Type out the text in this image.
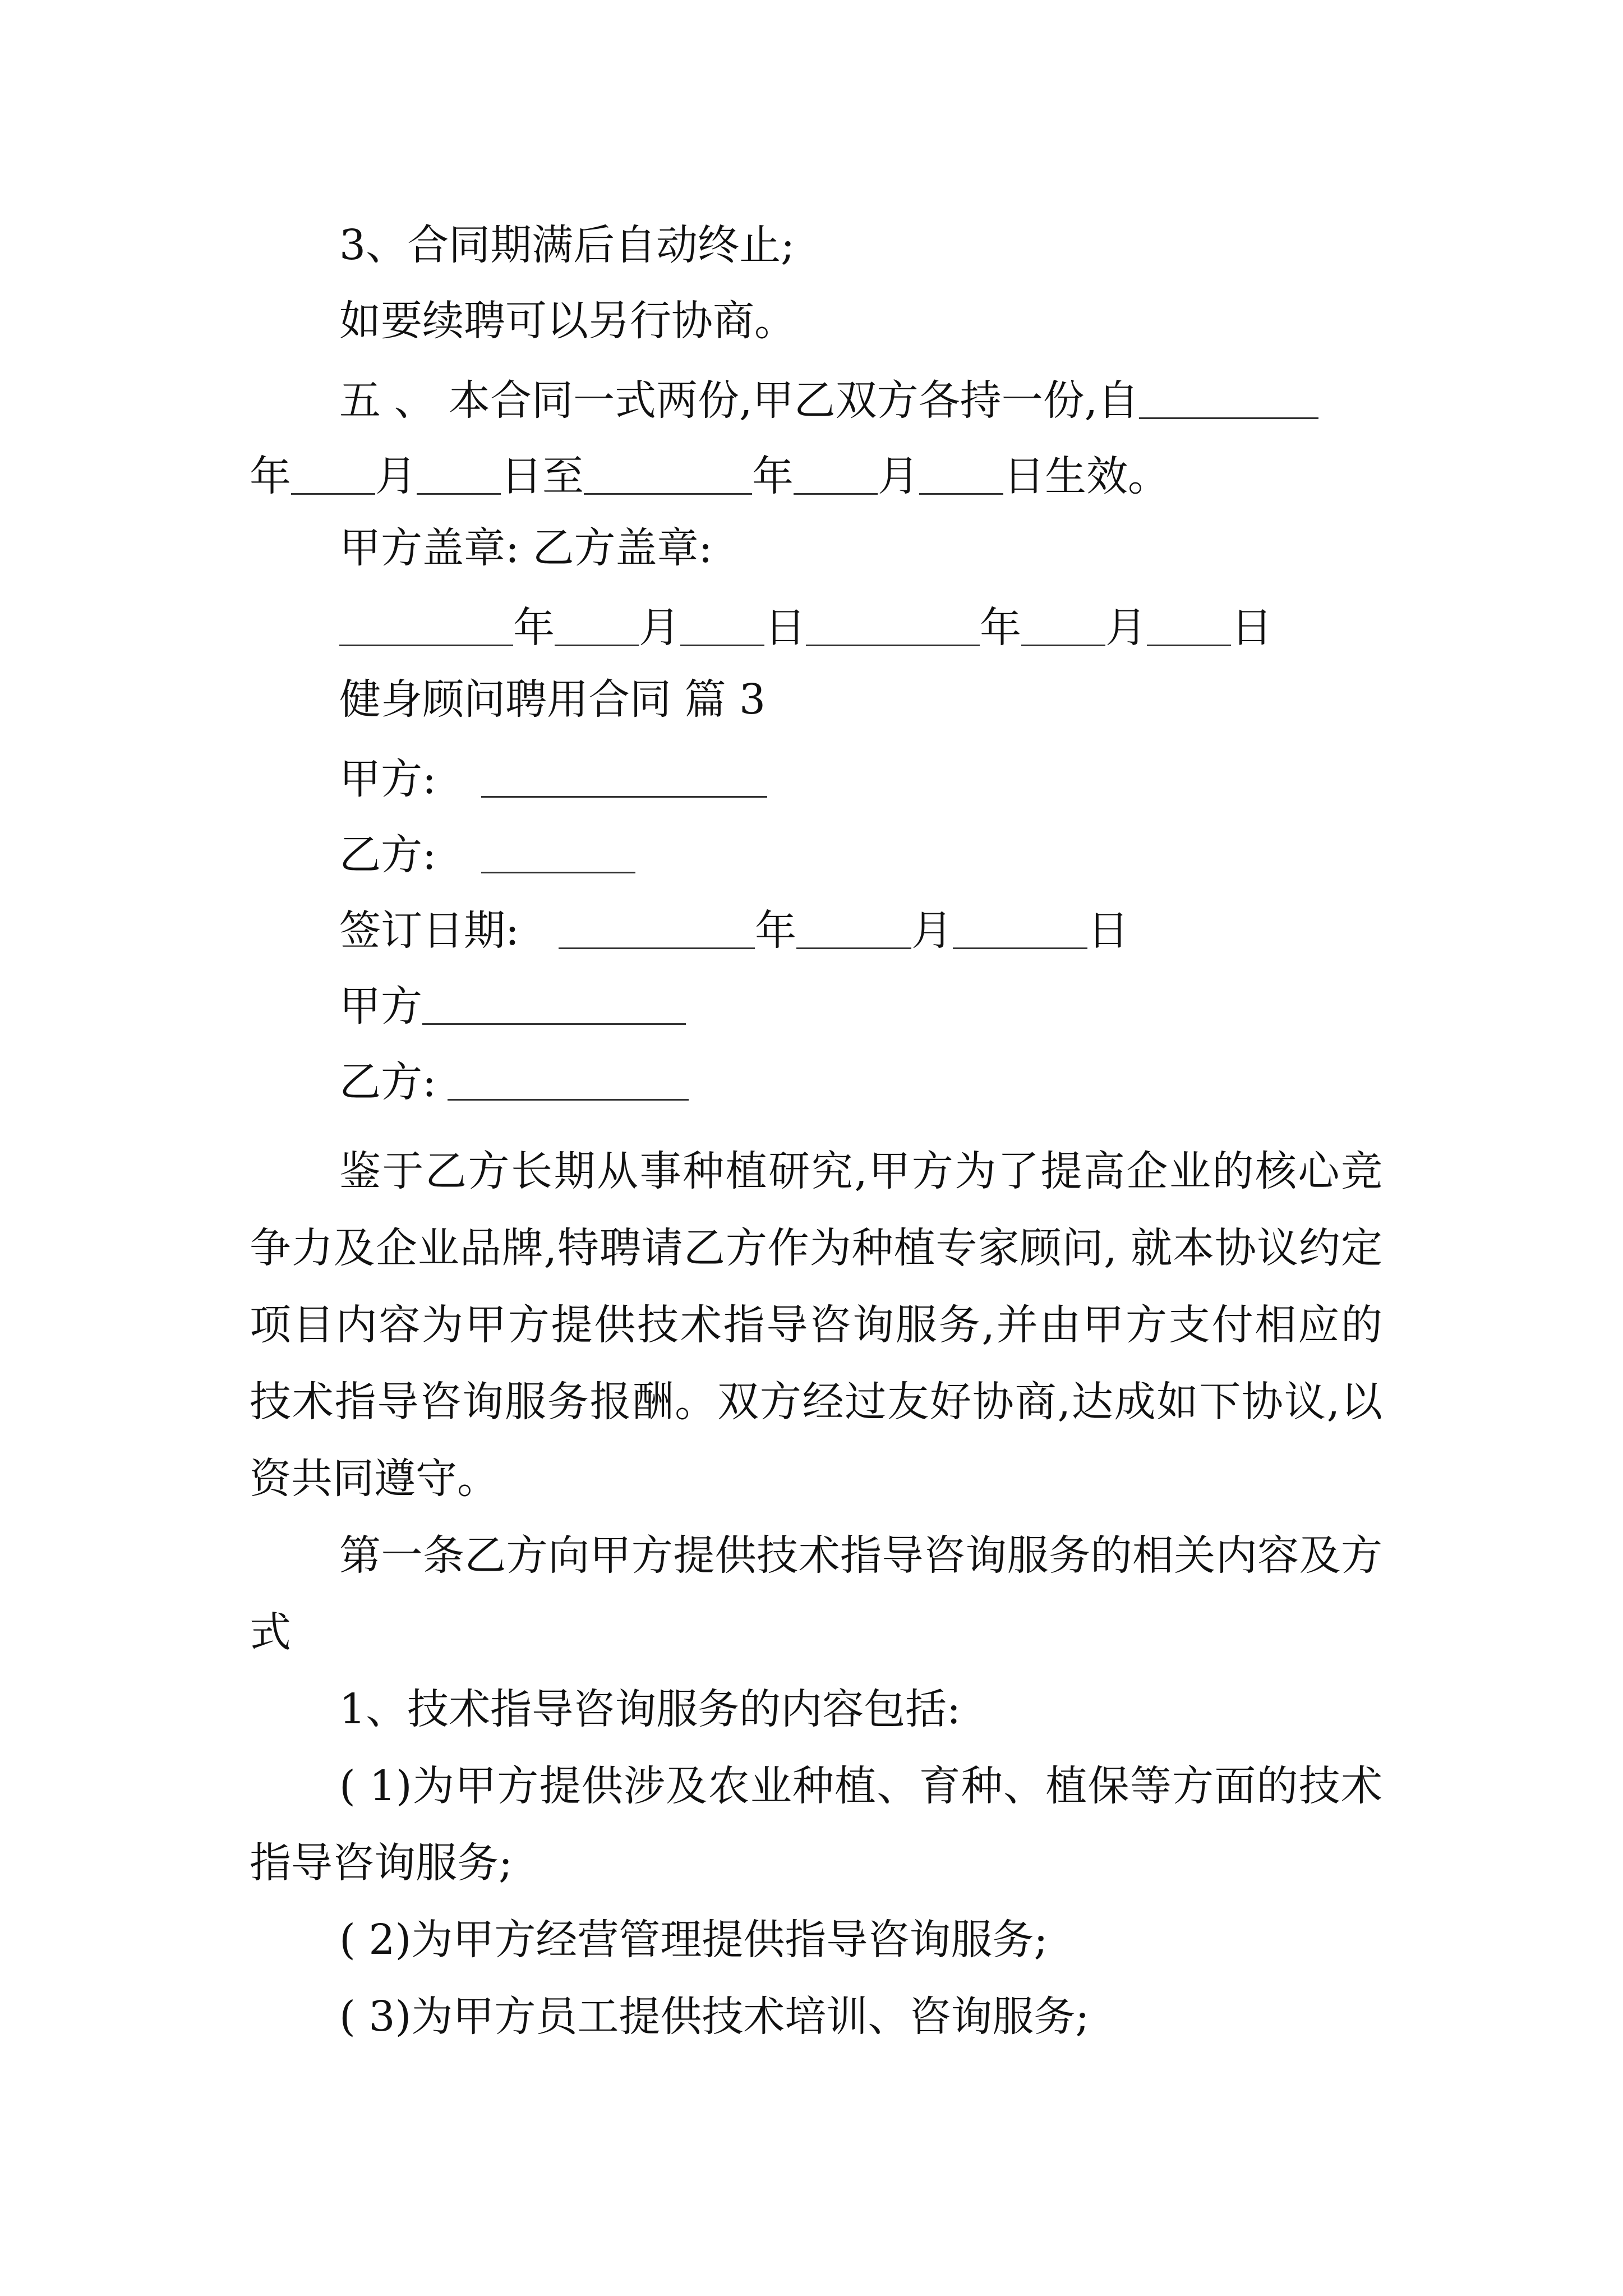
3、合同期满后自动终止;
如要续聘可以另行协商。
五 、 本合同一式两份,甲乙双方各持一份,自
年 月 日至	年 月 日生效。
甲方盖章: 乙方盖章:
年 月 日	年 月 日
健身顾问聘用合同 篇 3
甲方:
乙方:
签订日期:	年	月	日
甲方
乙方:
鉴于乙方长期从事种植研究,甲方为了提高企业的核心竞争力及企业品牌,特聘请乙方作为种植专家顾问, 就本协议约定项目内容为甲方提供技术指导咨询服务,并由甲方支付相应的技术指导咨询服务报酬。双方经过友好协商,达成如下协议,以资共同遵守。
第一条乙方向甲方提供技术指导咨询服务的相关内容及方式
1、技术指导咨询服务的内容包括:
( 1)为甲方提供涉及农业种植、育种、植保等方面的技术指导咨询服务;
( 2)为甲方经营管理提供指导咨询服务;
( 3)为甲方员工提供技术培训、咨询服务;
